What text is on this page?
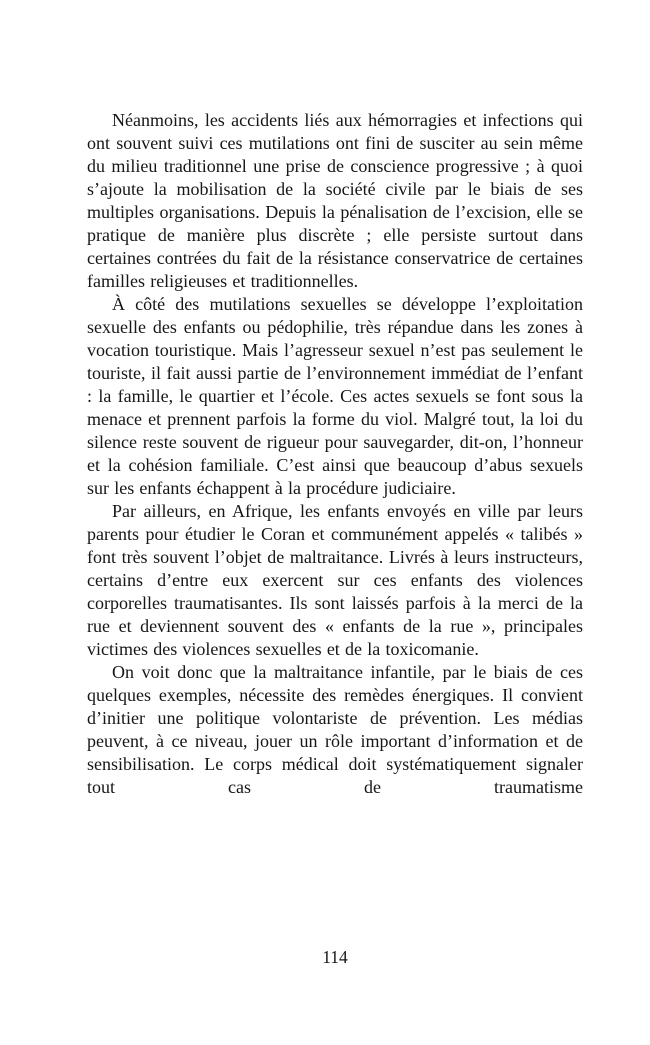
Néanmoins, les accidents liés aux hémorragies et infections qui ont souvent suivi ces mutilations ont fini de susciter au sein même du milieu traditionnel une prise de conscience progressive ; à quoi s’ajoute la mobilisation de la société civile par le biais de ses multiples organisations. Depuis la pénalisation de l’excision, elle se pratique de manière plus discrète ; elle persiste surtout dans certaines contrées du fait de la résistance conservatrice de certaines familles religieuses et traditionnelles.

À côté des mutilations sexuelles se développe l’exploitation sexuelle des enfants ou pédophilie, très répandue dans les zones à vocation touristique. Mais l’agresseur sexuel n’est pas seulement le touriste, il fait aussi partie de l’environnement immédiat de l’enfant : la famille, le quartier et l’école. Ces actes sexuels se font sous la menace et prennent parfois la forme du viol. Malgré tout, la loi du silence reste souvent de rigueur pour sauvegarder, dit-on, l’honneur et la cohésion familiale. C’est ainsi que beaucoup d’abus sexuels sur les enfants échappent à la procédure judiciaire.

Par ailleurs, en Afrique, les enfants envoyés en ville par leurs parents pour étudier le Coran et communément appelés « talibés » font très souvent l’objet de maltraitance. Livrés à leurs instructeurs, certains d’entre eux exercent sur ces enfants des violences corporelles traumatisantes. Ils sont laissés parfois à la merci de la rue et deviennent souvent des « enfants de la rue », principales victimes des violences sexuelles et de la toxicomanie.

On voit donc que la maltraitance infantile, par le biais de ces quelques exemples, nécessite des remèdes énergiques. Il convient d’initier une politique volontariste de prévention. Les médias peuvent, à ce niveau, jouer un rôle important d’information et de sensibilisation. Le corps médical doit systématiquement signaler tout cas de traumatisme

114
